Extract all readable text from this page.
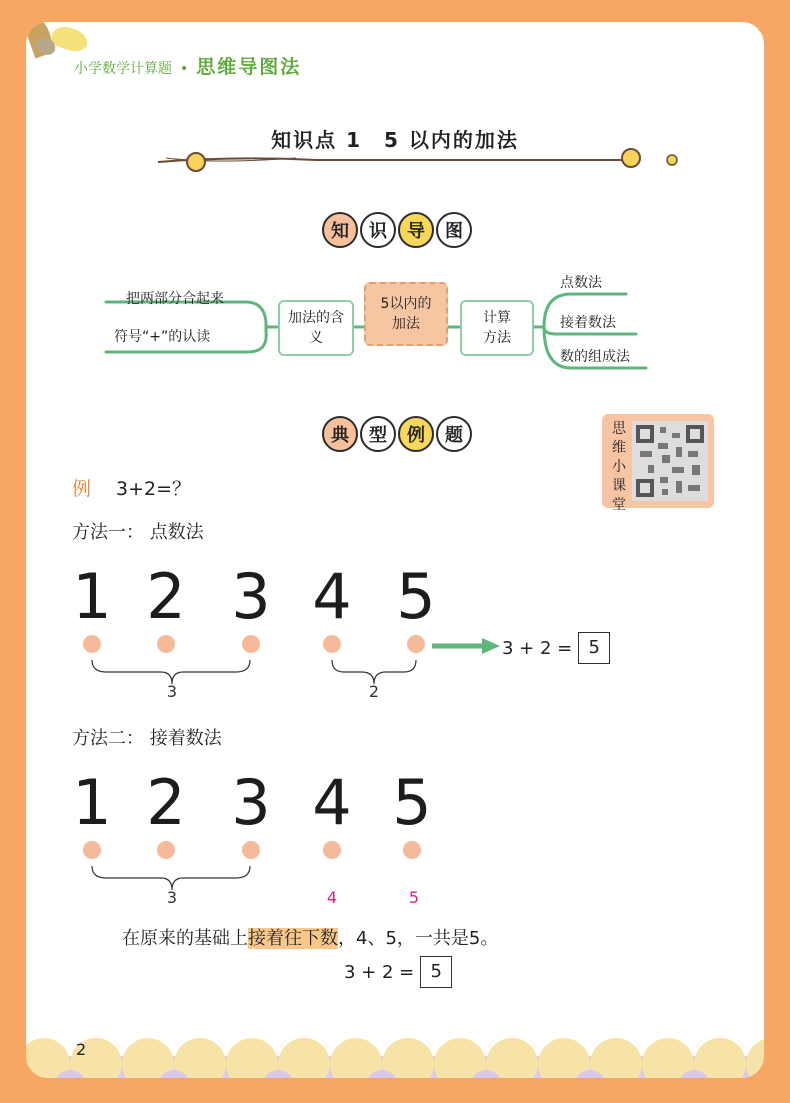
小学数学计算题 • 思维导图法
知识点 1　5 以内的加法
知	识	导	图
把两部分合起来
符号“+”的认读
加法的含义
5以内的加法	计算方法
点数法
接着数法
数的组成法
典	型	例	题	思维小课堂
例 3+2=？
方法一： 点数法
1 2 3 4 5
3	2
3 + 2 = 5
方法二： 接着数法
1 2 3 4 5
3	4	5
在原来的基础上接着往下数，4、5，一共是5。
3 + 2 = 5
2
